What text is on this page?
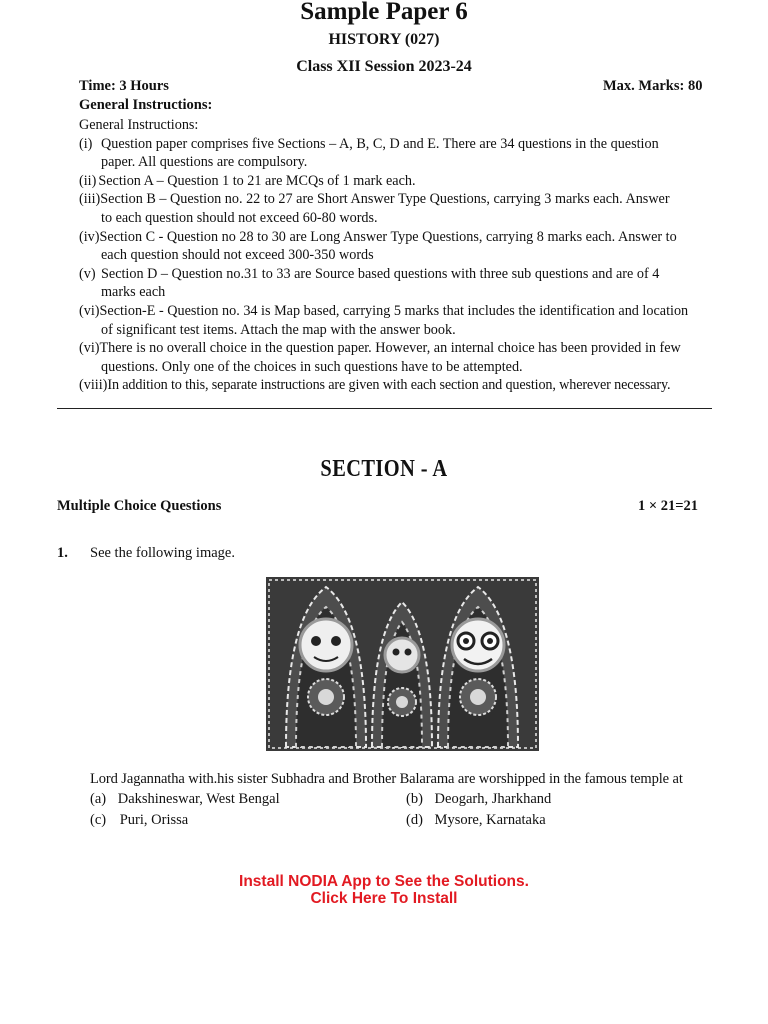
Sample Paper 6
HISTORY (027)
Class XII Session 2023-24
Time: 3 Hours	Max. Marks: 80
General Instructions:
General Instructions:
(i) Question paper comprises five Sections – A, B, C, D and E. There are 34 questions in the question
paper. All questions are compulsory.
(ii) Section A – Question 1 to 21 are MCQs of 1 mark each.
(iii) Section B – Question no. 22 to 27 are Short Answer Type Questions, carrying 3 marks each. Answer
to each question should not exceed 60-80 words.
(iv) Section C - Question no 28 to 30 are Long Answer Type Questions, carrying 8 marks each. Answer to
each question should not exceed 300-350 words
(v) Section D – Question no.31 to 33 are Source based questions with three sub questions and are of 4
marks each
(vi) Section-E - Question no. 34 is Map based, carrying 5 marks that includes the identification and location
of significant test items. Attach the map with the answer book.
(vi) There is no overall choice in the question paper. However, an internal choice has been provided in few
questions. Only one of the choices in such questions have to be attempted.
(viii) In addition to this, separate instructions are given with each section and question, wherever necessary.
SECTION - A
Multiple Choice Questions	1 × 21=21
1. See the following image.
Lord Jagannatha with.his sister Subhadra and Brother Balarama are worshipped in the famous temple at
(a) Dakshineswar, West Bengal	(b) Deogarh, Jharkhand
(c) Puri, Orissa	(d) Mysore, Karnataka
Install NODIA App to See the Solutions.
Click Here To Install
